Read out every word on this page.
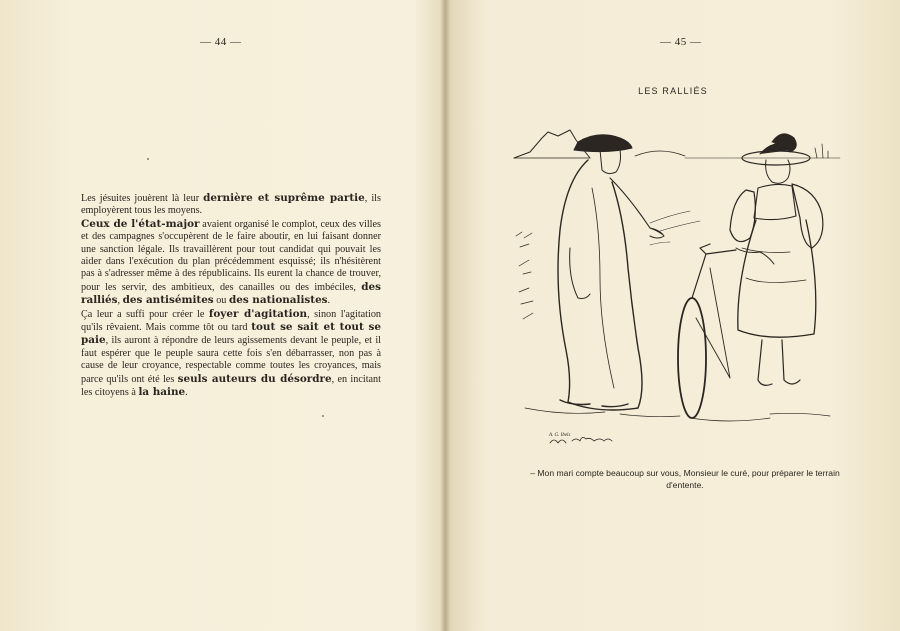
— 44 —

Les jésuites jouèrent là leur dernière et suprême partie, ils employèrent tous les moyens.

Ceux de l'état-major avaient organisé le complot, ceux des villes et des campagnes s'occupèrent de le faire aboutir, en lui faisant donner une sanction légale. Ils travaillèrent pour tout candidat qui pouvait les aider dans l'exécution du plan précédemment esquissé; ils n'hésitèrent pas à s'adresser même à des républicains. Ils eurent la chance de trouver, pour les servir, des ambitieux, des canailles ou des imbéciles, des ralliés, des antisémites ou des nationalistes.

Ça leur a suffi pour créer le foyer d'agitation, sinon l'agitation qu'ils rêvaient. Mais comme tôt ou tard tout se sait et tout se paie, ils auront à répondre de leurs agissements devant le peuple, et il faut espérer que le peuple saura cette fois s'en débarrasser, non pas à cause de leur croyance, respectable comme toutes les croyances, mais parce qu'ils ont été les seuls auteurs du désordre, en incitant les citoyens à la haine.

— 45 —
LES RALLIÉS
A. G. Ibels
– Mon mari compte beaucoup sur vous, Monsieur le curé, pour préparer le terrain d'entente.
